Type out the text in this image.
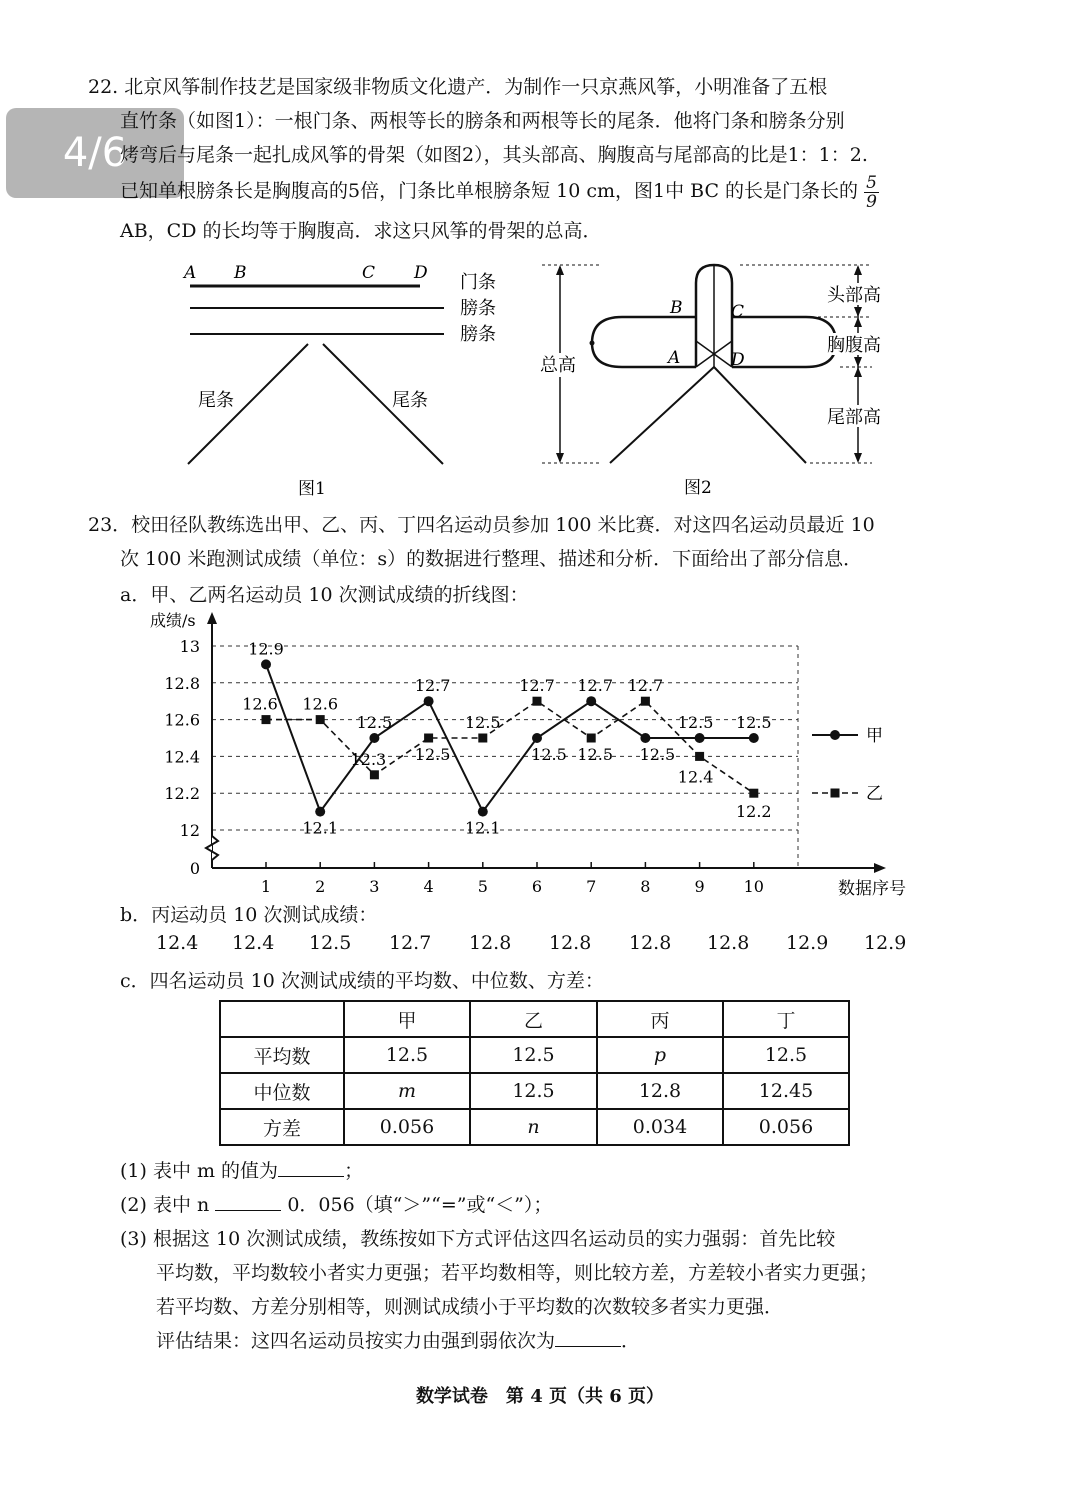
4/6
22. 北京风筝制作技艺是国家级非物质文化遗产．为制作一只京燕风筝，小明准备了五根
直竹条（如图1）：一根门条、两根等长的膀条和两根等长的尾条．他将门条和膀条分别
烤弯后与尾条一起扎成风筝的骨架（如图2），其头部高、胸腹高与尾部高的比是1：1：2.
已知单根膀条长是胸腹高的5倍，门条比单根膀条短 10 cm，图1中 BC 的长是门条长的 $\frac{5}{9}$
AB，CD 的长均等于胸腹高．求这只风筝的骨架的总高．
A B	C D 门条
膀条
膀条
尾条	尾条
图1
总高
B	C
A	D
头部高
胸腹高
尾部高
图2
23．校田径队教练选出甲、乙、丙、丁四名运动员参加 100 米比赛．对这四名运动员最近 10
次 100 米跑测试成绩（单位：s）的数据进行整理、描述和分析．下面给出了部分信息．
a．甲、乙两名运动员 10 次测试成绩的折线图：
成绩/s
13
12.8
12.6
12.4
12.2
12
0
1	2	3	4	5	6	7	8	9 10	数据序号
12.9
12.1
12.5
12.7
12.1
12.5
12.7
12.5
12.5 12.5
12.6 12.6
12.3 12.5
12.5
12.7
12.5
12.7
12.4
12.2
甲
乙
b．丙运动员 10 次测试成绩：
12.4 12.4 12.5 12.7 12.8 12.8 12.8 12.8 12.9 12.9
c．四名运动员 10 次测试成绩的平均数、中位数、方差：
	甲	乙	丙	丁
平均数	12.5	12.5	p	12.5
中位数	m	12.5	12.8	12.45
方差	0.056	n	0.034	0.056
(1) 表中 m 的值为	；
(2) 表中 n	0．056（填“＞”“=”或“＜”）；
(3) 根据这 10 次测试成绩，教练按如下方式评估这四名运动员的实力强弱：首先比较
平均数，平均数较小者实力更强；若平均数相等，则比较方差，方差较小者实力更强；
若平均数、方差分别相等，则测试成绩小于平均数的次数较多者实力更强．
评估结果：这四名运动员按实力由强到弱依次为	．
数学试卷　第 4 页（共 6 页）
